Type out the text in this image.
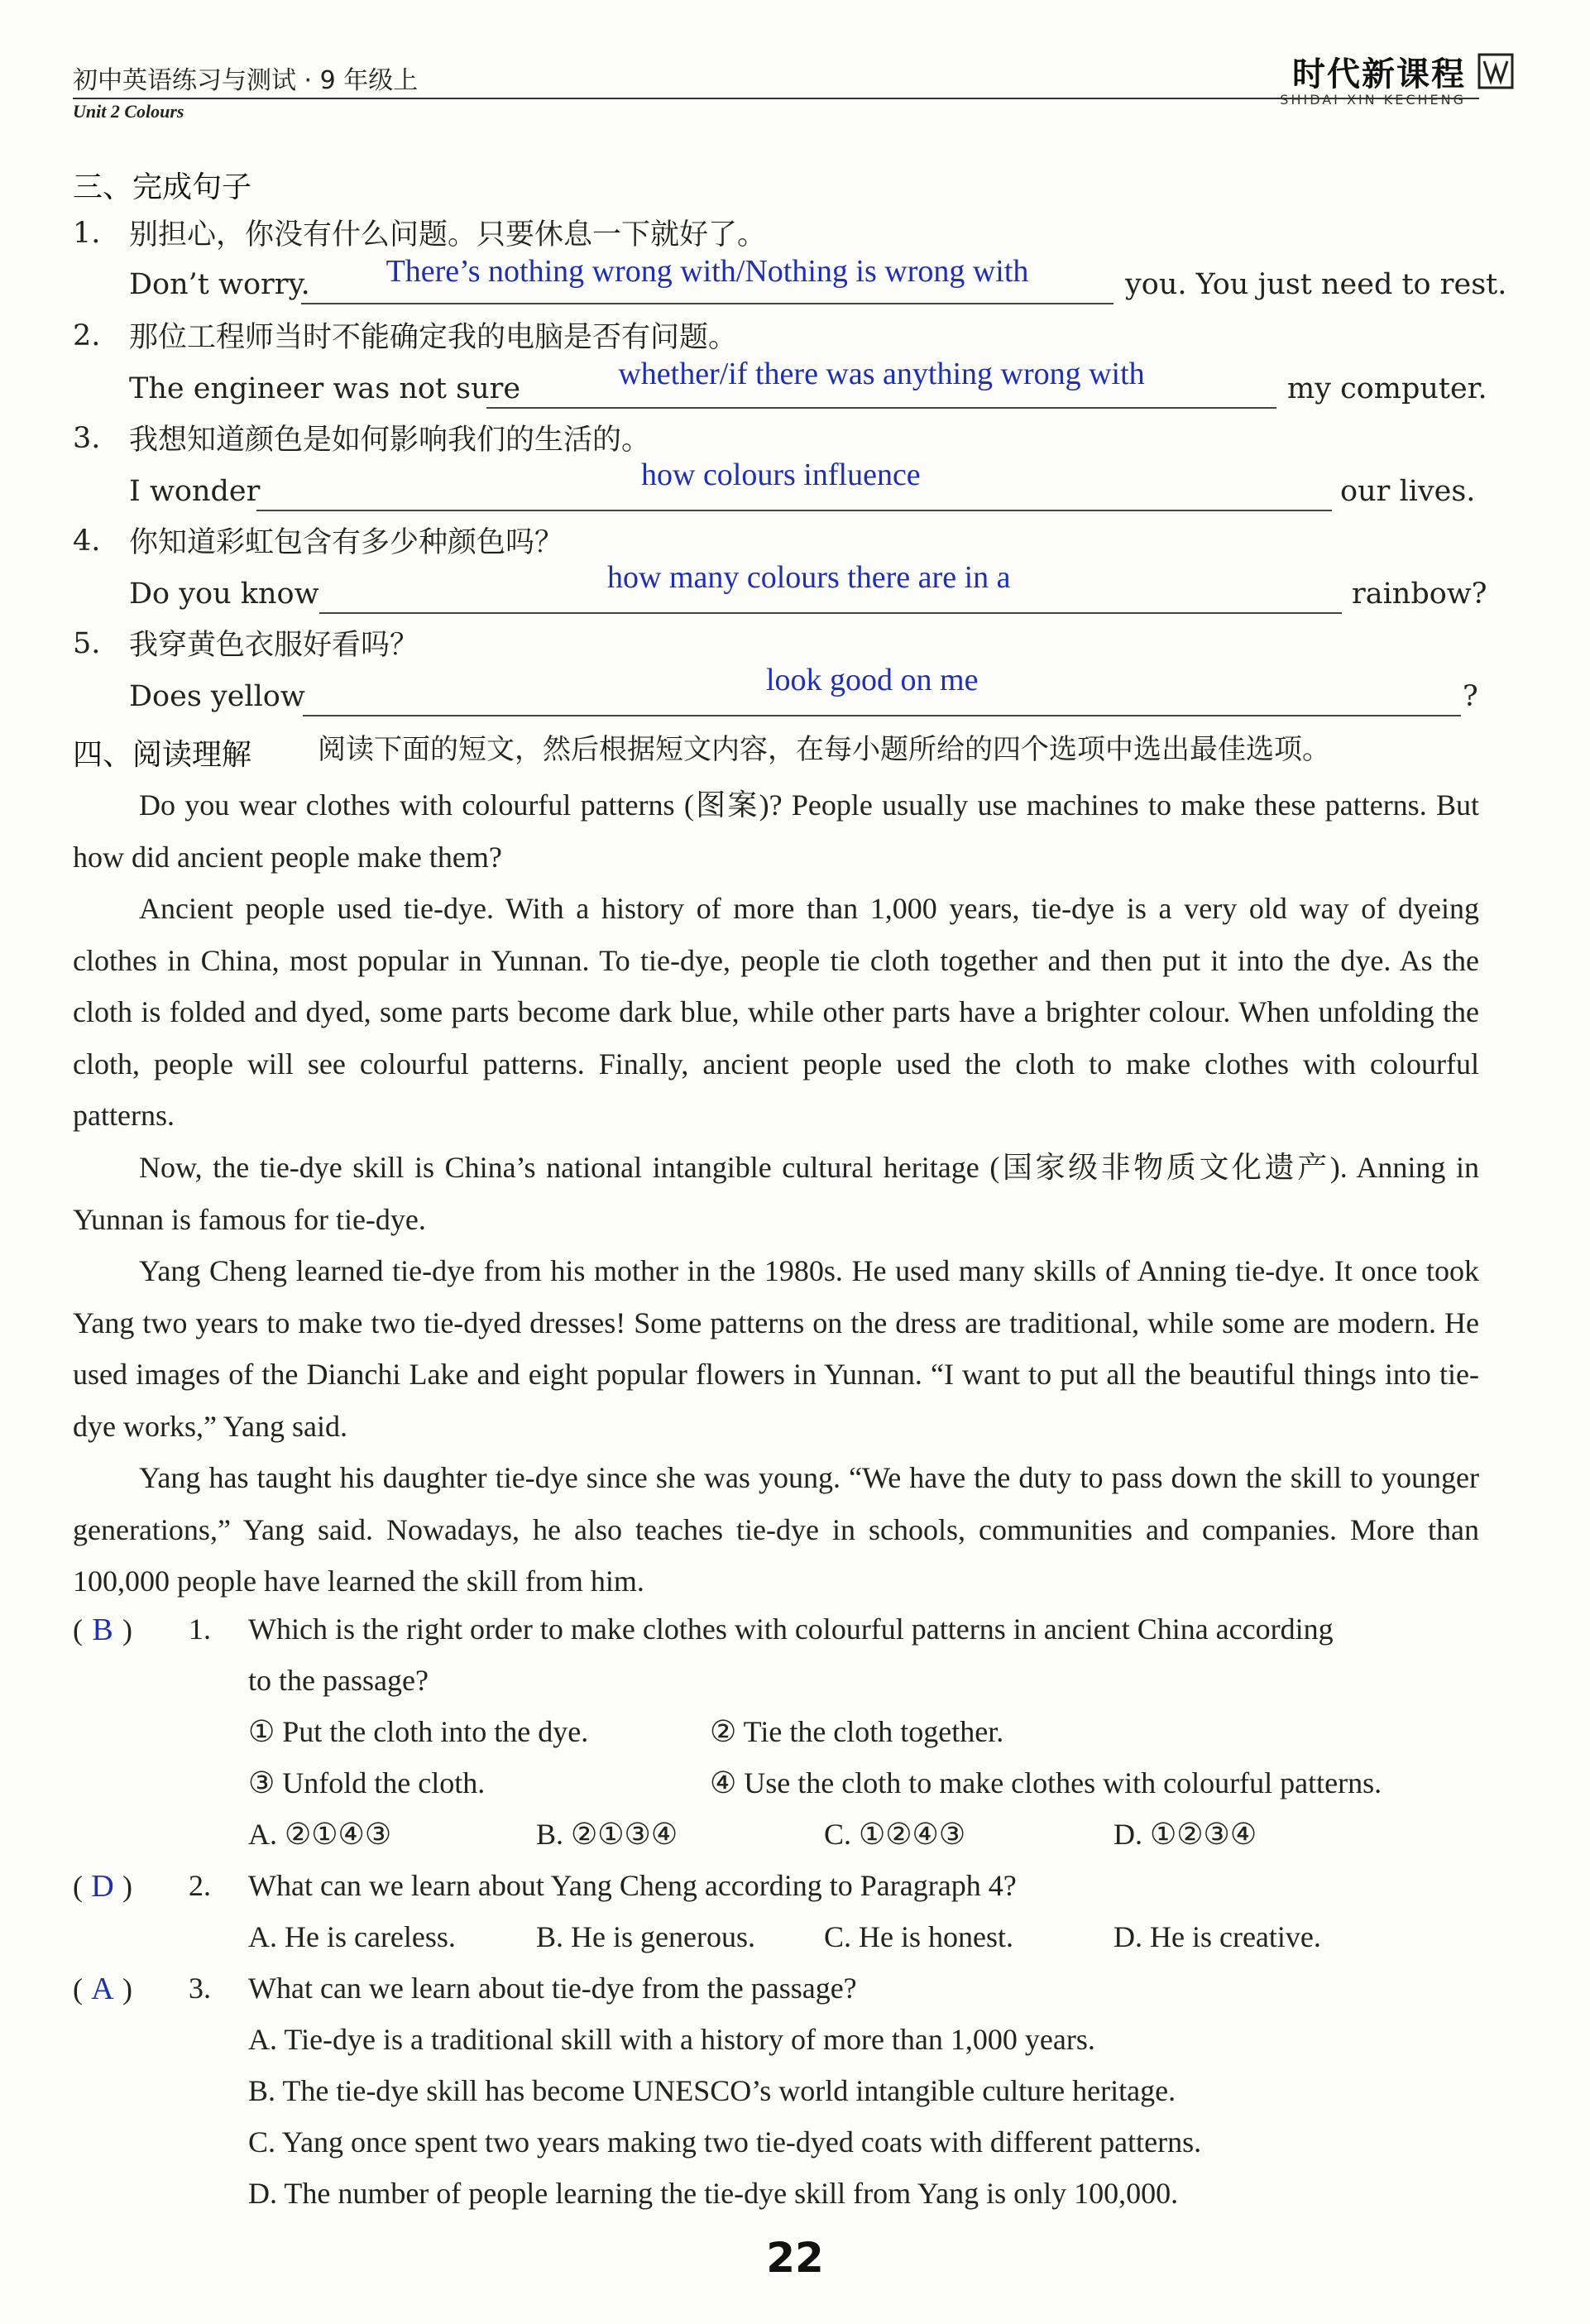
初中英语练习与测试 · 9 年级上
Unit 2 Colours
时代新课程
SHIDAI XIN KECHENG
三、完成句子
1. 别担心，你没有什么问题。只要休息一下就好了。
Don’t worry.	There’s nothing wrong with/Nothing is wrong with	you. You just need to rest.
2. 那位工程师当时不能确定我的电脑是否有问题。
The engineer was not sure	whether/if there was anything wrong with	my computer.
3. 我想知道颜色是如何影响我们的生活的。
I wonder	how colours influence	our lives.
4. 你知道彩虹包含有多少种颜色吗？
Do you know	how many colours there are in a	rainbow?
5. 我穿黄色衣服好看吗？
Does yellow	look good on me	?
四、阅读理解 阅读下面的短文，然后根据短文内容，在每小题所给的四个选项中选出最佳选项。
Do you wear clothes with colourful patterns (图案)? People usually use machines to make these patterns. But how did ancient people make them?
Ancient people used tie-dye. With a history of more than 1,000 years, tie-dye is a very old way of dyeing clothes in China, most popular in Yunnan. To tie-dye, people tie cloth together and then put it into the dye. As the cloth is folded and dyed, some parts become dark blue, while other parts have a brighter colour. When unfolding the cloth, people will see colourful patterns. Finally, ancient people used the cloth to make clothes with colourful patterns.
Now, the tie-dye skill is China’s national intangible cultural heritage (国家级非物质文化遗产). Anning in Yunnan is famous for tie-dye.
Yang Cheng learned tie-dye from his mother in the 1980s. He used many skills of Anning tie-dye. It once took Yang two years to make two tie-dyed dresses! Some patterns on the dress are traditional, while some are modern. He used images of the Dianchi Lake and eight popular flowers in Yunnan. “I want to put all the beautiful things into tie-dye works,” Yang said.
Yang has taught his daughter tie-dye since she was young. “We have the duty to pass down the skill to younger generations,” Yang said. Nowadays, he also teaches tie-dye in schools, communities and companies. More than 100,000 people have learned the skill from him.
( B ) 1. Which is the right order to make clothes with colourful patterns in ancient China according
to the passage?
① Put the cloth into the dye.	② Tie the cloth together.
③ Unfold the cloth.	④ Use the cloth to make clothes with colourful patterns.
A. ②①④③	B. ②①③④	C. ①②④③	D. ①②③④
( D ) 2. What can we learn about Yang Cheng according to Paragraph 4?
A. He is careless.	B. He is generous. C. He is honest.	D. He is creative.
( A ) 3. What can we learn about tie-dye from the passage?
A. Tie-dye is a traditional skill with a history of more than 1,000 years.
B. The tie-dye skill has become UNESCO’s world intangible culture heritage.
C. Yang once spent two years making two tie-dyed coats with different patterns.
D. The number of people learning the tie-dye skill from Yang is only 100,000.
22
